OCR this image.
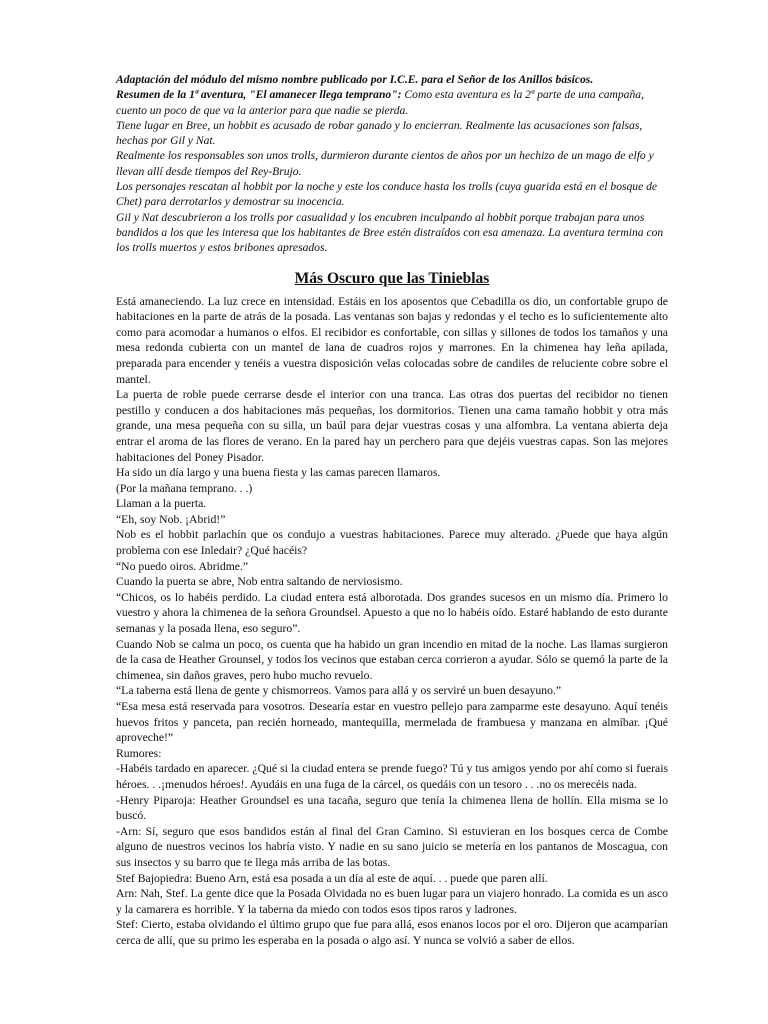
Adaptación del módulo del mismo nombre publicado por I.C.E. para el Señor de los Anillos básicos.

Resumen de la 1ª aventura, "El amanecer llega temprano": Como esta aventura es la 2ª parte de una campaña, cuento un poco de que va la anterior para que nadie se pierda.

Tiene lugar en Bree, un hobbit es acusado de robar ganado y lo encierran. Realmente las acusaciones son falsas, hechas por Gil y Nat.

Realmente los responsables son unos trolls, durmieron durante cientos de años por un hechizo de un mago de elfo y llevan allí desde tiempos del Rey-Brujo.

Los personajes rescatan al hobbit por la noche y este los conduce hasta los trolls (cuya guarida está en el bosque de Chet) para derrotarlos y demostrar su inocencia.

Gil y Nat descubrieron a los trolls por casualidad y los encubren inculpando al hobbit porque trabajan para unos bandidos a los que les interesa que los habitantes de Bree estén distraídos con esa amenaza. La aventura termina con los trolls muertos y estos bribones apresados.

Más Oscuro que las Tinieblas

Está amaneciendo. La luz crece en intensidad. Estáis en los aposentos que Cebadilla os dio, un confortable grupo de habitaciones en la parte de atrás de la posada. Las ventanas son bajas y redondas y el techo es lo suficientemente alto como para acomodar a humanos o elfos. El recibidor es confortable, con sillas y sillones de todos los tamaños y una mesa redonda cubierta con un mantel de lana de cuadros rojos y marrones. En la chimenea hay leña apilada, preparada para encender y tenéis a vuestra disposición velas colocadas sobre de candiles de reluciente cobre sobre el mantel.

La puerta de roble puede cerrarse desde el interior con una tranca. Las otras dos puertas del recibidor no tienen pestillo y conducen a dos habitaciones más pequeñas, los dormitorios. Tienen una cama tamaño hobbit y otra más grande, una mesa pequeña con su silla, un baúl para dejar vuestras cosas y una alfombra. La ventana abierta deja entrar el aroma de las flores de verano. En la pared hay un perchero para que dejéis vuestras capas. Son las mejores habitaciones del Poney Pisador.

Ha sido un día largo y una buena fiesta y las camas parecen llamaros.

(Por la mañana temprano. . .)

Llaman a la puerta.

“Eh, soy Nob. ¡Abrid!”

Nob es el hobbit parlachín que os condujo a vuestras habitaciones. Parece muy alterado. ¿Puede que haya algún problema con ese Inledair? ¿Qué hacéis?

“No puedo oiros. Abridme.”

Cuando la puerta se abre, Nob entra saltando de nerviosismo.

“Chicos, os lo habéis perdido. La ciudad entera está alborotada. Dos grandes sucesos en un mismo día. Primero lo vuestro y ahora la chimenea de la señora Groundsel. Apuesto a que no lo habéis oído. Estaré hablando de esto durante semanas y la posada llena, eso seguro”.

Cuando Nob se calma un poco, os cuenta que ha habido un gran incendio en mitad de la noche. Las llamas surgieron de la casa de Heather Grounsel, y todos los vecinos que estaban cerca corrieron a ayudar. Sólo se quemó la parte de la chimenea, sin daños graves, pero hubo mucho revuelo.

“La taberna está llena de gente y chismorreos. Vamos para allá y os serviré un buen desayuno.”

“Esa mesa está reservada para vosotros. Desearía estar en vuestro pellejo para zamparme este desayuno. Aquí tenéis huevos fritos y panceta, pan recién horneado, mantequilla, mermelada de frambuesa y manzana en almíbar. ¡Qué aproveche!”

Rumores:

-Habéis tardado en aparecer. ¿Qué si la ciudad entera se prende fuego? Tú y tus amigos yendo por ahí como si fuerais héroes. . .¡menudos héroes!. Ayudáis en una fuga de la cárcel, os quedáis con un tesoro . . .no os merecéis nada.

-Henry Piparoja: Heather Groundsel es una tacaña, seguro que tenía la chimenea llena de hollín. Ella misma se lo buscó.

-Arn: Sí, seguro que esos bandidos están al final del Gran Camino. Si estuvieran en los bosques cerca de Combe alguno de nuestros vecinos los habría visto. Y nadie en su sano juicio se metería en los pantanos de Moscagua, con sus insectos y su barro que te llega más arriba de las botas.

Stef Bajopiedra: Bueno Arn, está esa posada a un día al este de aquí. . . puede que paren allí.

Arn: Nah, Stef. La gente dice que la Posada Olvidada no es buen lugar para un viajero honrado. La comida es un asco y la camarera es horrible. Y la taberna da miedo con todos esos tipos raros y ladrones.

Stef: Cierto, estaba olvidando el último grupo que fue para allá, esos enanos locos por el oro. Dijeron que acamparían cerca de allí, que su primo les esperaba en la posada o algo así. Y nunca se volvió a saber de ellos.
